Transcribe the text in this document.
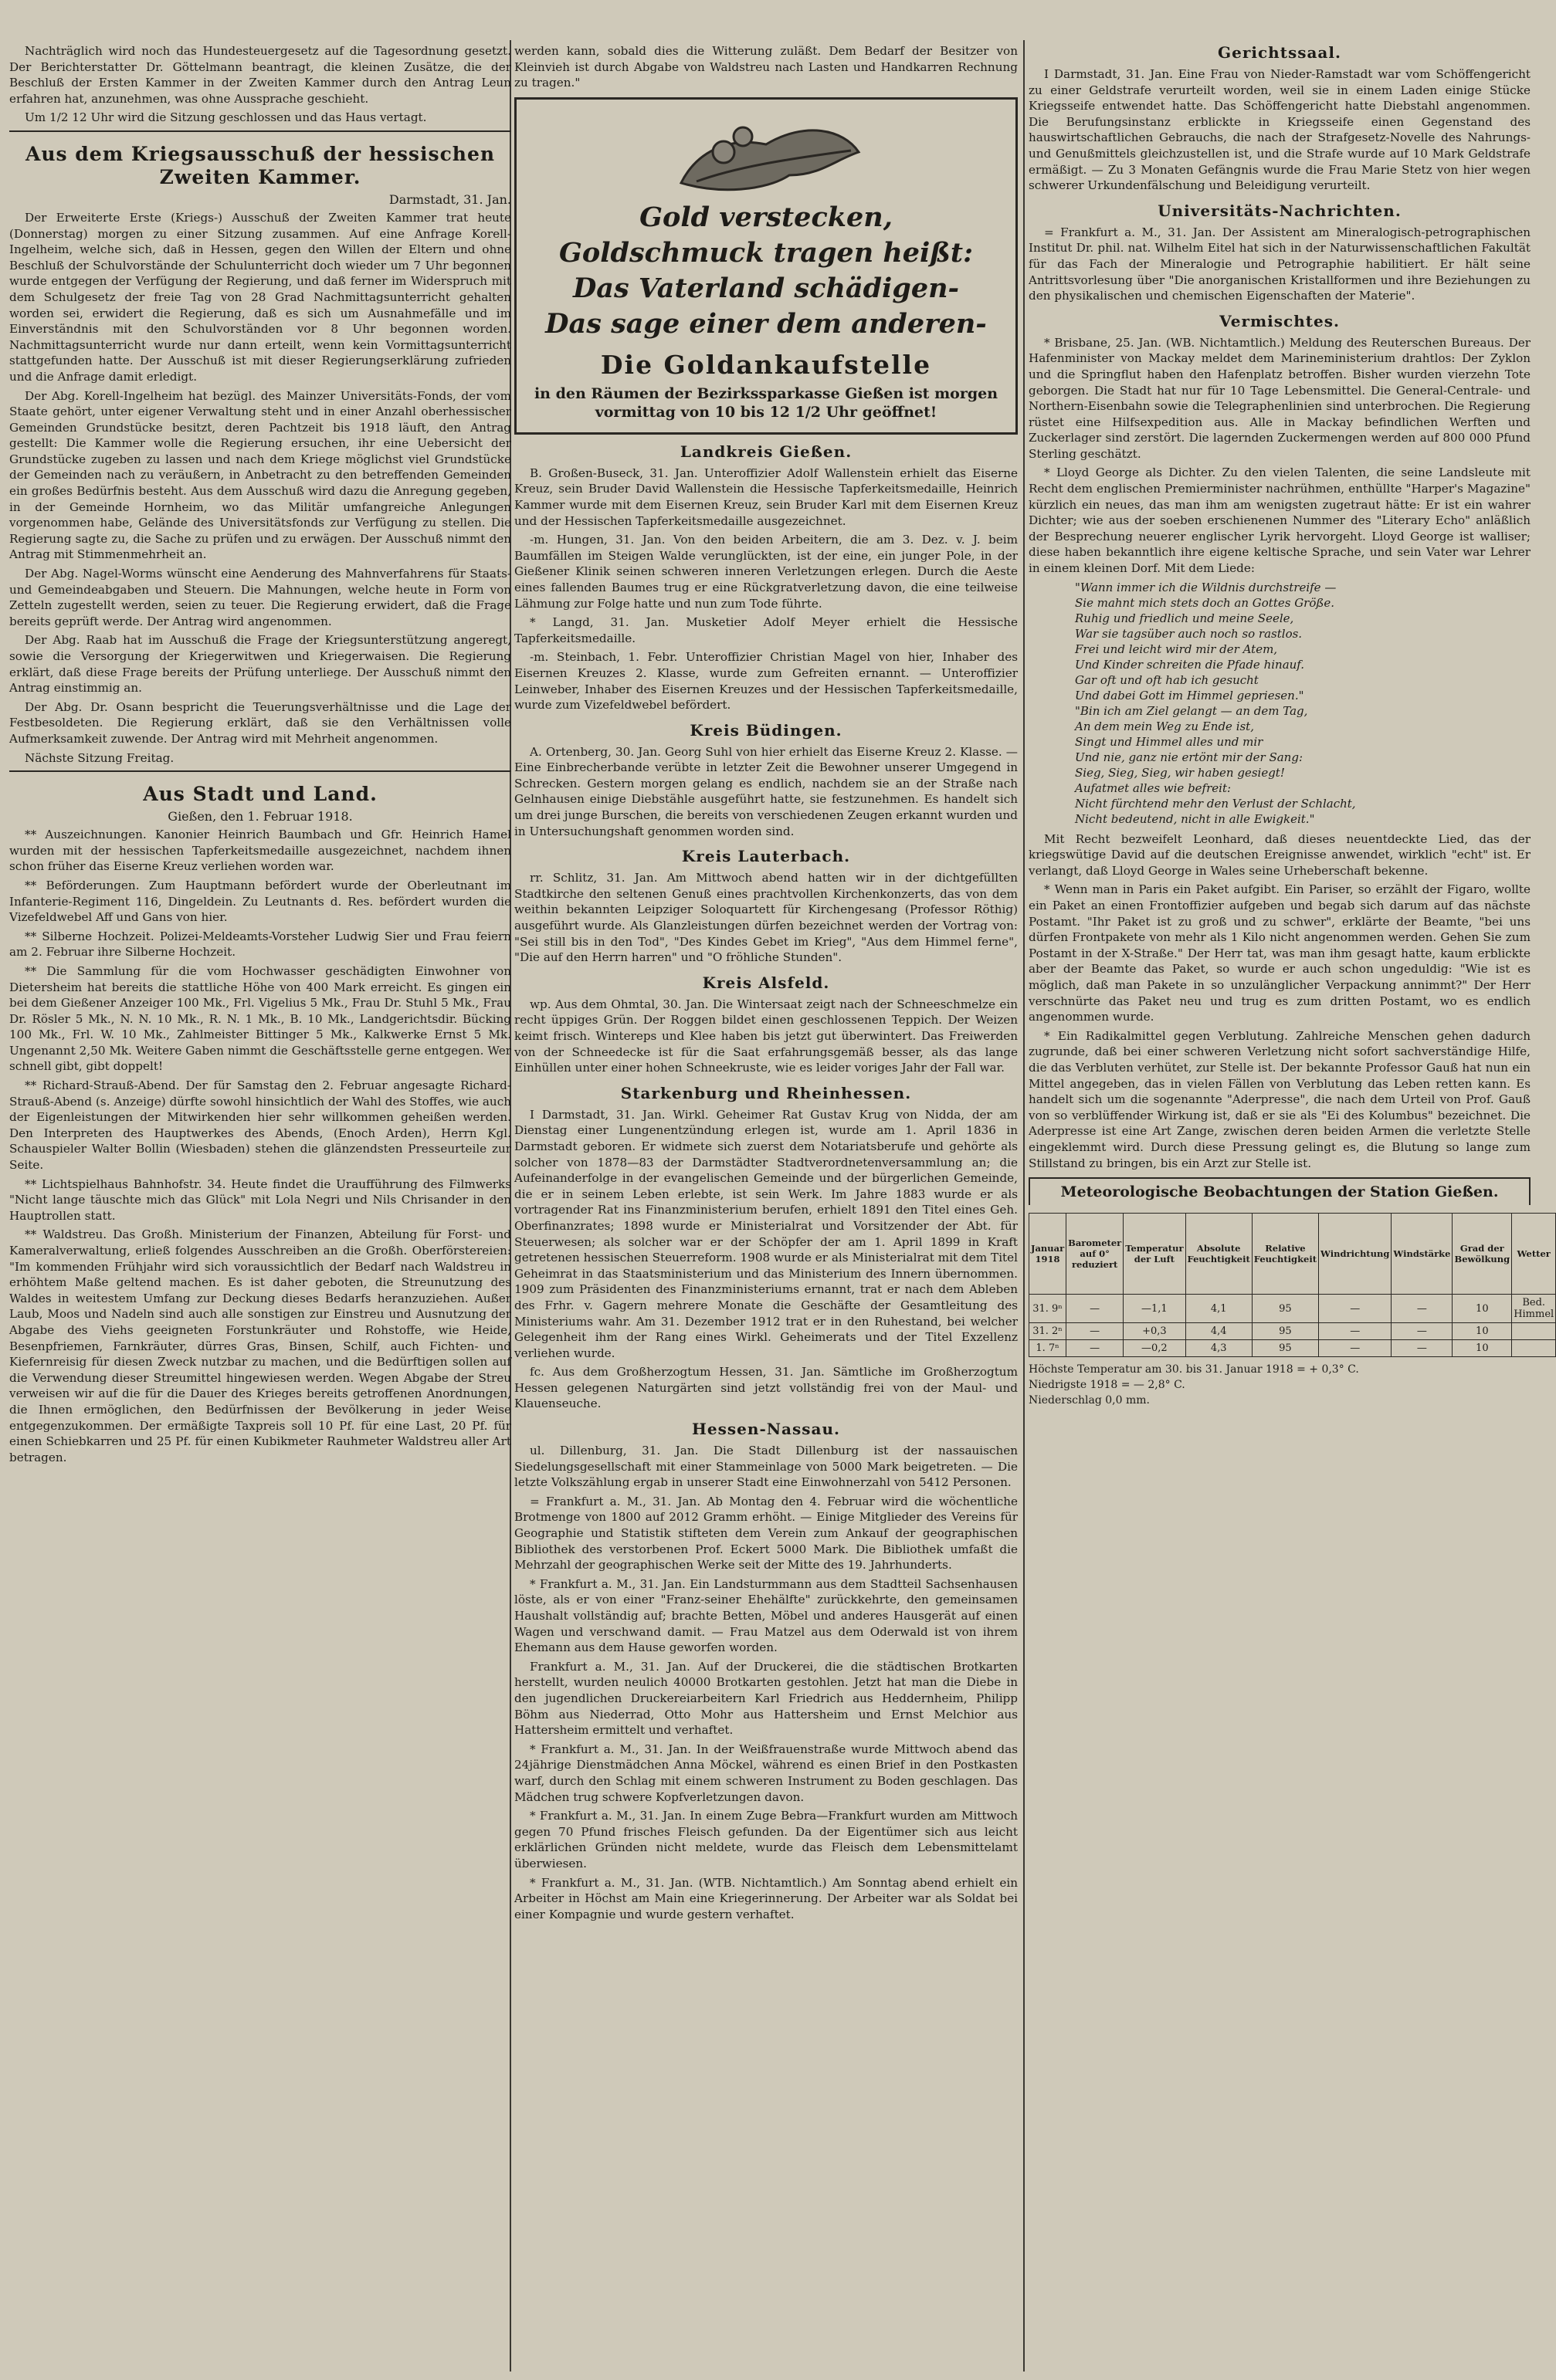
Nachträglich wird noch das Hundesteuergesetz auf die Tagesordnung gesetzt. Der Berichterstatter Dr. Göttelmann beantragt, die kleinen Zusätze, die der Beschluß der Ersten Kammer in der Zweiten Kammer durch den Antrag Leun erfahren hat, anzunehmen, was ohne Aussprache geschieht.

Um 1/2 12 Uhr wird die Sitzung geschlossen und das Haus vertagt.

Aus dem Kriegsausschuß der hessischen Zweiten Kammer.
Darmstadt, 31. Jan.

Der Erweiterte Erste (Kriegs-) Ausschuß der Zweiten Kammer trat heute (Donnerstag) morgen zu einer Sitzung zusammen. Auf eine Anfrage Korell-Ingelheim, welche sich, daß in Hessen, gegen den Willen der Eltern und ohne Beschluß der Schulvorstände der Schulunterricht doch wieder um 7 Uhr begonnen wurde entgegen der Verfügung der Regierung, und daß ferner im Widerspruch mit dem Schulgesetz der freie Tag von 28 Grad Nachmittagsunterricht gehalten worden sei, erwidert die Regierung, daß es sich um Ausnahmefälle und im Einverständnis mit den Schulvorständen vor 8 Uhr begonnen worden. Nachmittagsunterricht wurde nur dann erteilt, wenn kein Vormittagsunterricht stattgefunden hatte. Der Ausschuß ist mit dieser Regierungserklärung zufrieden und die Anfrage damit erledigt.

Der Abg. Korell-Ingelheim hat bezügl. des Mainzer Universitäts-Fonds, der vom Staate gehört, unter eigener Verwaltung steht und in einer Anzahl oberhessischer Gemeinden Grundstücke besitzt, deren Pachtzeit bis 1918 läuft, den Antrag gestellt: Die Kammer wolle die Regierung ersuchen, ihr eine Uebersicht der Grundstücke zugeben zu lassen und nach dem Kriege möglichst viel Grundstücke der Gemeinden nach zu veräußern, in Anbetracht zu den betreffenden Gemeinden ein großes Bedürfnis besteht. Aus dem Ausschuß wird dazu die Anregung gegeben, in der Gemeinde Hornheim, wo das Militär umfangreiche Anlegungen vorgenommen habe, Gelände des Universitätsfonds zur Verfügung zu stellen. Die Regierung sagte zu, die Sache zu prüfen und zu erwägen. Der Ausschuß nimmt den Antrag mit Stimmenmehrheit an.

Der Abg. Nagel-Worms wünscht eine Aenderung des Mahnverfahrens für Staats- und Gemeindeabgaben und Steuern. Die Mahnungen, welche heute in Form von Zetteln zugestellt werden, seien zu teuer. Die Regierung erwidert, daß die Frage bereits geprüft werde. Der Antrag wird angenommen.

Der Abg. Raab hat im Ausschuß die Frage der Kriegsunterstützung angeregt, sowie die Versorgung der Kriegerwitwen und Kriegerwaisen. Die Regierung erklärt, daß diese Frage bereits der Prüfung unterliege. Der Ausschuß nimmt den Antrag einstimmig an.

Der Abg. Dr. Osann bespricht die Teuerungsverhältnisse und die Lage der Festbesoldeten. Die Regierung erklärt, daß sie den Verhältnissen volle Aufmerksamkeit zuwende. Der Antrag wird mit Mehrheit angenommen.

Nächste Sitzung Freitag.

Aus Stadt und Land.
Gießen, den 1. Februar 1918.

** Auszeichnungen. Kanonier Heinrich Baumbach und Gfr. Heinrich Hamel wurden mit der hessischen Tapferkeitsmedaille ausgezeichnet, nachdem ihnen schon früher das Eiserne Kreuz verliehen worden war.

** Beförderungen. Zum Hauptmann befördert wurde der Oberleutnant im Infanterie-Regiment 116, Dingeldein. Zu Leutnants d. Res. befördert wurden die Vizefeldwebel Aff und Gans von hier.

** Silberne Hochzeit. Polizei-Meldeamts-Vorsteher Ludwig Sier und Frau feiern am 2. Februar ihre Silberne Hochzeit.

** Die Sammlung für die vom Hochwasser geschädigten Einwohner von Dietersheim hat bereits die stattliche Höhe von 400 Mark erreicht. Es gingen ein bei dem Gießener Anzeiger 100 Mk., Frl. Vigelius 5 Mk., Frau Dr. Stuhl 5 Mk., Frau Dr. Rösler 5 Mk., N. N. 10 Mk., R. N. 1 Mk., B. 10 Mk., Landgerichtsdir. Bücking 100 Mk., Frl. W. 10 Mk., Zahlmeister Bittinger 5 Mk., Kalkwerke Ernst 5 Mk. Ungenannt 2,50 Mk. Weitere Gaben nimmt die Geschäftsstelle gerne entgegen. Wer schnell gibt, gibt doppelt!

** Richard-Strauß-Abend. Der für Samstag den 2. Februar angesagte Richard-Strauß-Abend (s. Anzeige) dürfte sowohl hinsichtlich der Wahl des Stoffes, wie auch der Eigenleistungen der Mitwirkenden hier sehr willkommen geheißen werden. Den Interpreten des Hauptwerkes des Abends, (Enoch Arden), Herrn Kgl. Schauspieler Walter Bollin (Wiesbaden) stehen die glänzendsten Presseurteile zur Seite.

** Lichtspielhaus Bahnhofstr. 34. Heute findet die Uraufführung des Filmwerks "Nicht lange täuschte mich das Glück" mit Lola Negri und Nils Chrisander in den Hauptrollen statt.

** Waldstreu. Das Großh. Ministerium der Finanzen, Abteilung für Forst- und Kameralverwaltung, erließ folgendes Ausschreiben an die Großh. Oberförstereien: "Im kommenden Frühjahr wird sich voraussichtlich der Bedarf nach Waldstreu in erhöhtem Maße geltend machen. Es ist daher geboten, die Streunutzung des Waldes in weitestem Umfang zur Deckung dieses Bedarfs heranzuziehen. Außer Laub, Moos und Nadeln sind auch alle sonstigen zur Einstreu und Ausnutzung der Abgabe des Viehs geeigneten Forstunkräuter und Rohstoffe, wie Heide, Besenpfriemen, Farnkräuter, dürres Gras, Binsen, Schilf, auch Fichten- und Kiefernreisig für diesen Zweck nutzbar zu machen, und die Bedürftigen sollen auf die Verwendung dieser Streumittel hingewiesen werden. Wegen Abgabe der Streu verweisen wir auf die für die Dauer des Krieges bereits getroffenen Anordnungen, die Ihnen ermöglichen, den Bedürfnissen der Bevölkerung in jeder Weise entgegenzukommen. Der ermäßigte Taxpreis soll 10 Pf. für eine Last, 20 Pf. für einen Schiebkarren und 25 Pf. für einen Kubikmeter Rauhmeter Waldstreu aller Art betragen.

werden kann, sobald dies die Witterung zuläßt. Dem Bedarf der Besitzer von Kleinvieh ist durch Abgabe von Waldstreu nach Lasten und Handkarren Rechnung zu tragen."

Gold verstecken,
Goldschmuck tragen heißt:
Das Vaterland schädigen-
Das sage einer dem anderen-
Die Goldankaufstelle
in den Räumen der Bezirkssparkasse Gießen ist morgen vormittag von 10 bis 12 1/2 Uhr geöffnet!
Landkreis Gießen.

B. Großen-Buseck, 31. Jan. Unteroffizier Adolf Wallenstein erhielt das Eiserne Kreuz, sein Bruder David Wallenstein die Hessische Tapferkeitsmedaille, Heinrich Kammer wurde mit dem Eisernen Kreuz, sein Bruder Karl mit dem Eisernen Kreuz und der Hessischen Tapferkeitsmedaille ausgezeichnet.

-m. Hungen, 31. Jan. Von den beiden Arbeitern, die am 3. Dez. v. J. beim Baumfällen im Steigen Walde verunglückten, ist der eine, ein junger Pole, in der Gießener Klinik seinen schweren inneren Verletzungen erlegen. Durch die Aeste eines fallenden Baumes trug er eine Rückgratverletzung davon, die eine teilweise Lähmung zur Folge hatte und nun zum Tode führte.

* Langd, 31. Jan. Musketier Adolf Meyer erhielt die Hessische Tapferkeitsmedaille.

-m. Steinbach, 1. Febr. Unteroffizier Christian Magel von hier, Inhaber des Eisernen Kreuzes 2. Klasse, wurde zum Gefreiten ernannt. — Unteroffizier Leinweber, Inhaber des Eisernen Kreuzes und der Hessischen Tapferkeitsmedaille, wurde zum Vizefeldwebel befördert.

Kreis Büdingen.

A. Ortenberg, 30. Jan. Georg Suhl von hier erhielt das Eiserne Kreuz 2. Klasse. — Eine Einbrecherbande verübte in letzter Zeit die Bewohner unserer Umgegend in Schrecken. Gestern morgen gelang es endlich, nachdem sie an der Straße nach Gelnhausen einige Diebstähle ausgeführt hatte, sie festzunehmen. Es handelt sich um drei junge Burschen, die bereits von verschiedenen Zeugen erkannt wurden und in Untersuchungshaft genommen worden sind.

Kreis Lauterbach.

rr. Schlitz, 31. Jan. Am Mittwoch abend hatten wir in der dichtgefüllten Stadtkirche den seltenen Genuß eines prachtvollen Kirchenkonzerts, das von dem weithin bekannten Leipziger Soloquartett für Kirchengesang (Professor Röthig) ausgeführt wurde. Als Glanzleistungen dürfen bezeichnet werden der Vortrag von: "Sei still bis in den Tod", "Des Kindes Gebet im Krieg", "Aus dem Himmel ferne", "Die auf den Herrn harren" und "O fröhliche Stunden".

Kreis Alsfeld.

wp. Aus dem Ohmtal, 30. Jan. Die Wintersaat zeigt nach der Schneeschmelze ein recht üppiges Grün. Der Roggen bildet einen geschlossenen Teppich. Der Weizen keimt frisch. Wintereps und Klee haben bis jetzt gut überwintert. Das Freiwerden von der Schneedecke ist für die Saat erfahrungsgemäß besser, als das lange Einhüllen unter einer hohen Schneekruste, wie es leider voriges Jahr der Fall war.

Starkenburg und Rheinhessen.

I Darmstadt, 31. Jan. Wirkl. Geheimer Rat Gustav Krug von Nidda, der am Dienstag einer Lungenentzündung erlegen ist, wurde am 1. April 1836 in Darmstadt geboren. Er widmete sich zuerst dem Notariatsberufe und gehörte als solcher von 1878—83 der Darmstädter Stadtverordnetenversammlung an; die Aufeinanderfolge in der evangelischen Gemeinde und der bürgerlichen Gemeinde, die er in seinem Leben erlebte, ist sein Werk. Im Jahre 1883 wurde er als vortragender Rat ins Finanzministerium berufen, erhielt 1891 den Titel eines Geh. Oberfinanzrates; 1898 wurde er Ministerialrat und Vorsitzender der Abt. für Steuerwesen; als solcher war er der Schöpfer der am 1. April 1899 in Kraft getretenen hessischen Steuerreform. 1908 wurde er als Ministerialrat mit dem Titel Geheimrat in das Staatsministerium und das Ministerium des Innern übernommen. 1909 zum Präsidenten des Finanzministeriums ernannt, trat er nach dem Ableben des Frhr. v. Gagern mehrere Monate die Geschäfte der Gesamtleitung des Ministeriums wahr. Am 31. Dezember 1912 trat er in den Ruhestand, bei welcher Gelegenheit ihm der Rang eines Wirkl. Geheimerats und der Titel Exzellenz verliehen wurde.

fc. Aus dem Großherzogtum Hessen, 31. Jan. Sämtliche im Großherzogtum Hessen gelegenen Naturgärten sind jetzt vollständig frei von der Maul- und Klauenseuche.

Hessen-Nassau.

ul. Dillenburg, 31. Jan. Die Stadt Dillenburg ist der nassauischen Siedelungsgesellschaft mit einer Stammeinlage von 5000 Mark beigetreten. — Die letzte Volkszählung ergab in unserer Stadt eine Einwohnerzahl von 5412 Personen.

= Frankfurt a. M., 31. Jan. Ab Montag den 4. Februar wird die wöchentliche Brotmenge von 1800 auf 2012 Gramm erhöht. — Einige Mitglieder des Vereins für Geographie und Statistik stifteten dem Verein zum Ankauf der geographischen Bibliothek des verstorbenen Prof. Eckert 5000 Mark. Die Bibliothek umfaßt die Mehrzahl der geographischen Werke seit der Mitte des 19. Jahrhunderts.

* Frankfurt a. M., 31. Jan. Ein Landsturmmann aus dem Stadtteil Sachsenhausen löste, als er von einer "Franz-seiner Ehehälfte" zurückkehrte, den gemeinsamen Haushalt vollständig auf; brachte Betten, Möbel und anderes Hausgerät auf einen Wagen und verschwand damit. — Frau Matzel aus dem Oderwald ist von ihrem Ehemann aus dem Hause geworfen worden.

Frankfurt a. M., 31. Jan. Auf der Druckerei, die die städtischen Brotkarten herstellt, wurden neulich 40000 Brotkarten gestohlen. Jetzt hat man die Diebe in den jugendlichen Druckereiarbeitern Karl Friedrich aus Heddernheim, Philipp Böhm aus Niederrad, Otto Mohr aus Hattersheim und Ernst Melchior aus Hattersheim ermittelt und verhaftet.

* Frankfurt a. M., 31. Jan. In der Weißfrauenstraße wurde Mittwoch abend das 24jährige Dienstmädchen Anna Möckel, während es einen Brief in den Postkasten warf, durch den Schlag mit einem schweren Instrument zu Boden geschlagen. Das Mädchen trug schwere Kopfverletzungen davon.

* Frankfurt a. M., 31. Jan. In einem Zuge Bebra—Frankfurt wurden am Mittwoch gegen 70 Pfund frisches Fleisch gefunden. Da der Eigentümer sich aus leicht erklärlichen Gründen nicht meldete, wurde das Fleisch dem Lebensmittelamt überwiesen.

* Frankfurt a. M., 31. Jan. (WTB. Nichtamtlich.) Am Sonntag abend erhielt ein Arbeiter in Höchst am Main eine Kriegerinnerung. Der Arbeiter war als Soldat bei einer Kompagnie und wurde gestern verhaftet.

Gerichtssaal.

I Darmstadt, 31. Jan. Eine Frau von Nieder-Ramstadt war vom Schöffengericht zu einer Geldstrafe verurteilt worden, weil sie in einem Laden einige Stücke Kriegsseife entwendet hatte. Das Schöffengericht hatte Diebstahl angenommen. Die Berufungsinstanz erblickte in Kriegsseife einen Gegenstand des hauswirtschaftlichen Gebrauchs, die nach der Strafgesetz-Novelle des Nahrungs- und Genußmittels gleichzustellen ist, und die Strafe wurde auf 10 Mark Geldstrafe ermäßigt. — Zu 3 Monaten Gefängnis wurde die Frau Marie Stetz von hier wegen schwerer Urkundenfälschung und Beleidigung verurteilt.

Universitäts-Nachrichten.

= Frankfurt a. M., 31. Jan. Der Assistent am Mineralogisch-petrographischen Institut Dr. phil. nat. Wilhelm Eitel hat sich in der Naturwissenschaftlichen Fakultät für das Fach der Mineralogie und Petrographie habilitiert. Er hält seine Antrittsvorlesung über "Die anorganischen Kristallformen und ihre Beziehungen zu den physikalischen und chemischen Eigenschaften der Materie".

Vermischtes.

* Brisbane, 25. Jan. (WB. Nichtamtlich.) Meldung des Reuterschen Bureaus. Der Hafenminister von Mackay meldet dem Marineministerium drahtlos: Der Zyklon und die Springflut haben den Hafenplatz betroffen. Bisher wurden vierzehn Tote geborgen. Die Stadt hat nur für 10 Tage Lebensmittel. Die General-Centrale- und Northern-Eisenbahn sowie die Telegraphenlinien sind unterbrochen. Die Regierung rüstet eine Hilfsexpedition aus. Alle in Mackay befindlichen Werften und Zuckerlager sind zerstört. Die lagernden Zuckermengen werden auf 800 000 Pfund Sterling geschätzt.

* Lloyd George als Dichter. Zu den vielen Talenten, die seine Landsleute mit Recht dem englischen Premierminister nachrühmen, enthüllte "Harper's Magazine" kürzlich ein neues, das man ihm am wenigsten zugetraut hätte: Er ist ein wahrer Dichter; wie aus der soeben erschienenen Nummer des "Literary Echo" anläßlich der Besprechung neuerer englischer Lyrik hervorgeht. Lloyd George ist walliser; diese haben bekanntlich ihre eigene keltische Sprache, und sein Vater war Lehrer in einem kleinen Dorf. Mit dem Liede:

"Wann immer ich die Wildnis durchstreife —
Sie mahnt mich stets doch an Gottes Größe.
Ruhig und friedlich und meine Seele,
War sie tagsüber auch noch so rastlos.
Frei und leicht wird mir der Atem,
Und Kinder schreiten die Pfade hinauf.
Gar oft und oft hab ich gesucht
Und dabei Gott im Himmel gepriesen."
"Bin ich am Ziel gelangt — an dem Tag,
An dem mein Weg zu Ende ist,
Singt und Himmel alles und mir
Und nie, ganz nie ertönt mir der Sang:
Sieg, Sieg, Sieg, wir haben gesiegt!
Aufatmet alles wie befreit:
Nicht fürchtend mehr den Verlust der Schlacht,
Nicht bedeutend, nicht in alle Ewigkeit."

Mit Recht bezweifelt Leonhard, daß dieses neuentdeckte Lied, das der kriegswütige David auf die deutschen Ereignisse anwendet, wirklich "echt" ist. Er verlangt, daß Lloyd George in Wales seine Urheberschaft bekenne.

* Wenn man in Paris ein Paket aufgibt. Ein Pariser, so erzählt der Figaro, wollte ein Paket an einen Frontoffizier aufgeben und begab sich darum auf das nächste Postamt. "Ihr Paket ist zu groß und zu schwer", erklärte der Beamte, "bei uns dürfen Frontpakete von mehr als 1 Kilo nicht angenommen werden. Gehen Sie zum Postamt in der X-Straße." Der Herr tat, was man ihm gesagt hatte, kaum erblickte aber der Beamte das Paket, so wurde er auch schon ungeduldig: "Wie ist es möglich, daß man Pakete in so unzulänglicher Verpackung annimmt?" Der Herr verschnürte das Paket neu und trug es zum dritten Postamt, wo es endlich angenommen wurde.

* Ein Radikalmittel gegen Verblutung. Zahlreiche Menschen gehen dadurch zugrunde, daß bei einer schweren Verletzung nicht sofort sachverständige Hilfe, die das Verbluten verhütet, zur Stelle ist. Der bekannte Professor Gauß hat nun ein Mittel angegeben, das in vielen Fällen von Verblutung das Leben retten kann. Es handelt sich um die sogenannte "Aderpresse", die nach dem Urteil von Prof. Gauß von so verblüffender Wirkung ist, daß er sie als "Ei des Kolumbus" bezeichnet. Die Aderpresse ist eine Art Zange, zwischen deren beiden Armen die verletzte Stelle eingeklemmt wird. Durch diese Pressung gelingt es, die Blutung so lange zum Stillstand zu bringen, bis ein Arzt zur Stelle ist.

Meteorologische Beobachtungen der Station Gießen.
Januar 1918	Barometer auf 0° reduziert	Temperatur der Luft	Absolute Feuchtigkeit	Relative Feuchtigkeit	Windrichtung	Windstärke	Grad der Bewölkung	Wetter
31. 9ⁿ	—	—1,1	4,1	95	—	—	10	Bed. Himmel
31. 2ⁿ	—	+0,3	4,4	95	—	—	10	
1. 7ⁿ	—	—0,2	4,3	95	—	—	10	
Höchste Temperatur am 30. bis 31. Januar 1918 = + 0,3° C.
Niedrigste 1918 = — 2,8° C.
Niederschlag 0,0 mm.
